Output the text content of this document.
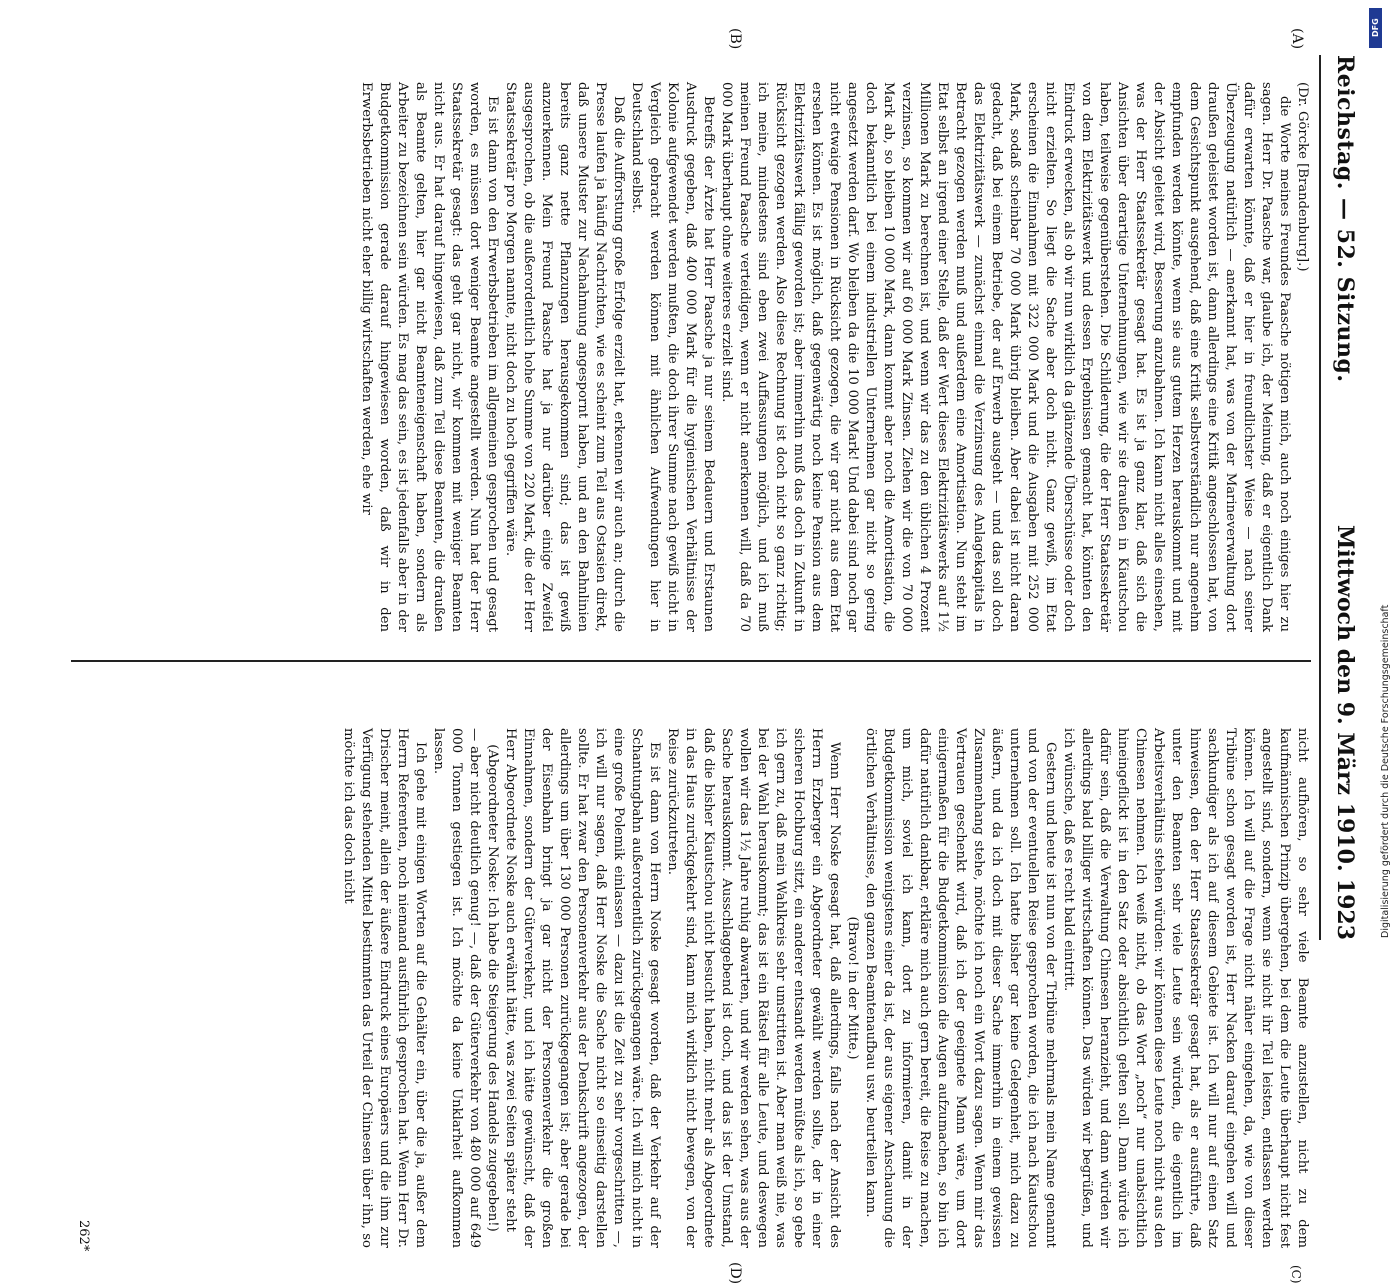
Reichstag. — 52. Sitzung.
Mittwoch den 9. März 1910.
1923
(A)
(B)
(C)
(D)

(Dr. Görcke [Brandenburg].)

die Worte meines Freundes Paasche nötigen mich, auch noch einiges hier zu sagen. Herr Dr. Paasche war, glaube ich, der Meinung, daß er eigentlich Dank dafür erwarten könnte, daß er hier in freundlichster Weise — nach seiner Überzeugung natürlich — anerkannt hat, was von der Marineverwaltung dort draußen geleistet worden ist, dann allerdings eine Kritik angeschlossen hat, von dem Gesichtspunkt ausgehend, daß eine Kritik selbstverständlich nur angenehm empfunden werden könnte, wenn sie aus gutem Herzen herauskommt und mit der Absicht geleitet wird, Besserung anzubahnen. Ich kann nicht alles einsehen, was der Herr Staatssekretär gesagt hat. Es ist ja ganz klar, daß sich die Ansichten über derartige Unternehmungen, wie wir sie draußen in Kiautschou haben, teilweise gegenüberstehen. Die Schilderung, die der Herr Staatssekretär von dem Elektrizitätswerk und dessen Ergebnissen gemacht hat, könnten den Eindruck erwecken, als ob wir nun wirklich da glänzende Überschüsse oder doch nicht erzielten. So liegt die Sache aber doch nicht. Ganz gewiß, im Etat erscheinen die Einnahmen mit 322 000 Mark und die Ausgaben mit 252 000 Mark, sodaß scheinbar 70 000 Mark übrig bleiben. Aber dabei ist nicht daran gedacht, daß bei einem Betriebe, der auf Erwerb ausgeht — und das soll doch das Elektrizitätswerk — zunächst einmal die Verzinsung des Anlagekapitals in Betracht gezogen werden muß und außerdem eine Amortisation. Nun steht im Etat selbst an irgend einer Stelle, daß der Wert dieses Elektrizitätswerks auf 1½ Millionen Mark zu berechnen ist, und wenn wir das zu den üblichen 4 Prozent verzinsen, so kommen wir auf 60 000 Mark Zinsen. Ziehen wir die von 70 000 Mark ab, so bleiben 10 000 Mark, dann kommt aber noch die Amortisation, die doch bekanntlich bei einem industriellen Unternehmen gar nicht so gering angesetzt werden darf. Wo bleiben da die 10 000 Mark! Und dabei sind noch gar nicht etwaige Pensionen in Rücksicht gezogen, die wir gar nicht aus dem Etat ersehen können. Es ist möglich, daß gegenwärtig noch keine Pension aus dem Elektrizitätswerk fällig geworden ist; aber immerhin muß das doch in Zukunft in Rücksicht gezogen werden. Also diese Rechnung ist doch nicht so ganz richtig; ich meine, mindestens sind eben zwei Auffassungen möglich, und ich muß meinen Freund Paasche verteidigen, wenn er nicht anerkennen will, daß da 70 000 Mark überhaupt ohne weiteres erzielt sind.

Betreffs der Ärzte hat Herr Paasche ja nur seinem Bedauern und Erstaunen Ausdruck gegeben, daß 400 000 Mark für die hygienischen Verhältnisse der Kolonie aufgewendet werden mußten, die doch ihrer Summe nach gewiß nicht in Vergleich gebracht werden können mit ähnlichen Aufwendungen hier in Deutschland selbst.

Daß die Aufforstung große Erfolge erzielt hat, erkennen wir auch an; durch die Presse laufen ja häufig Nachrichten, wie es scheint zum Teil aus Ostasien direkt, daß unsere Muster zur Nachahmung angespornt haben, und an den Bahnlinien bereits ganz nette Pflanzungen herausgekommen sind; das ist gewiß anzuerkennen. Mein Freund Paasche hat ja nur darüber einige Zweifel ausgesprochen, ob die außerordentlich hohe Summe von 220 Mark, die der Herr Staatssekretär pro Morgen nannte, nicht doch zu hoch gegriffen wäre.

Es ist dann von den Erwerbsbetrieben im allgemeinen gesprochen und gesagt worden, es müssen dort weniger Beamte angestellt werden. Nun hat der Herr Staatssekretär gesagt: das geht gar nicht, wir kommen mit weniger Beamten nicht aus. Er hat darauf hingewiesen, daß zum Teil diese Beamten, die draußen als Beamte gelten, hier gar nicht Beamteneigenschaft haben, sondern als Arbeiter zu bezeichnen sein würden. Es mag das sein, es ist jedenfalls aber in der Budgetkommission gerade darauf hingewiesen worden, daß wir in den Erwerbsbetrieben nicht eher billig wirtschaften werden, ehe wir

nicht aufhören, so sehr viele Beamte anzustellen, nicht zu dem kaufmännischen Prinzip übergehen, bei dem die Leute überhaupt nicht fest angestellt sind, sondern, wenn sie nicht ihr Teil leisten, entlassen werden können. Ich will auf die Frage nicht näher eingehen, da, wie von dieser Tribüne schon gesagt worden ist, Herr Nacken darauf eingehen will und sachkundiger als ich auf diesem Gebiete ist. Ich will nur auf einen Satz hinweisen, den der Herr Staatssekretär gesagt hat, als er ausführte, daß unter den Beamten sehr viele Leute sein würden, die eigentlich im Arbeitsverhältnis stehen würden: wir können diese Leute noch nicht aus den Chinesen nehmen. Ich weiß nicht, ob das Wort „noch“ nur unabsichtlich hineingeflickt ist in den Satz oder absichtlich gelten soll. Dann würde ich dafür sein, daß die Verwaltung Chinesen heranzieht, und dann würden wir allerdings bald billiger wirtschaften können. Das würden wir begrüßen, und ich wünsche, daß es recht bald eintritt.

Gestern und heute ist nun von der Tribüne mehrmals mein Name genannt und von der eventuellen Reise gesprochen worden, die ich nach Kiautschou unternehmen soll. Ich hatte bisher gar keine Gelegenheit, mich dazu zu äußern, und da ich doch mit dieser Sache immerhin in einem gewissen Zusammenhang stehe, möchte ich noch ein Wort dazu sagen. Wenn mir das Vertrauen geschenkt wird, daß ich der geeignete Mann wäre, um dort einigermaßen für die Budgetkommission die Augen aufzumachen, so bin ich dafür natürlich dankbar, erkläre mich auch gern bereit, die Reise zu machen, um mich, soviel ich kann, dort zu informieren, damit in der Budgetkommission wenigstens einer da ist, der aus eigener Anschauung die örtlichen Verhältnisse, den ganzen Beamtenaufbau usw. beurteilen kann.

(Bravo! in der Mitte.)

Wenn Herr Noske gesagt hat, daß allerdings, falls nach der Ansicht des Herrn Erzberger ein Abgeordneter gewählt werden sollte, der in einer sicheren Hochburg sitzt, ein anderer entsandt werden müßte als ich, so gebe ich gern zu, daß mein Wahlkreis sehr umstritten ist. Aber man weiß nie, was bei der Wahl herauskommt; das ist ein Rätsel für alle Leute, und deswegen wollen wir das 1½ Jahre ruhig abwarten, und wir werden sehen, was aus der Sache herauskommt. Ausschlaggebend ist doch, und das ist der Umstand, daß die bisher Kiautschou nicht besucht haben, nicht mehr als Abgeordnete in das Haus zurückgekehrt sind, kann mich wirklich nicht bewegen, von der Reise zurückzutreten.

Es ist dann von Herrn Noske gesagt worden, daß der Verkehr auf der Schantungbahn außerordentlich zurückgegangen wäre. Ich will mich nicht in eine große Polemik einlassen — dazu ist die Zeit zu sehr vorgeschritten —, ich will nur sagen, daß Herr Noske die Sache nicht so einseitig darstellen sollte. Er hat zwar den Personenverkehr aus der Denkschrift angezogen, der allerdings um über 130 000 Personen zurückgegangen ist; aber gerade bei der Eisenbahn bringt ja gar nicht der Personenverkehr die großen Einnahmen, sondern der Güterverkehr, und ich hätte gewünscht, daß der Herr Abgeordnete Noske auch erwähnt hätte, was zwei Seiten später steht

(Abgeordneter Noske: Ich habe die Steigerung des Handels zugegeben!)

— aber nicht deutlich genug! —, daß der Güterverkehr von 480 000 auf 649 000 Tonnen gestiegen ist. Ich möchte da keine Unklarheit aufkommen lassen.

Ich gehe mit einigen Worten auf die Gehälter ein, über die ja, außer dem Herrn Referenten, noch niemand ausführlich gesprochen hat. Wenn Herr Dr. Drischer meint, allein der äußere Eindruck eines Europäers und die ihm zur Verfügung stehenden Mittel bestimmten das Urteil der Chinesen über ihn, so möchte ich das doch nicht

262*
Digitalisierung gefördert durch die Deutsche Forschungsgemeinschaft
DFG
